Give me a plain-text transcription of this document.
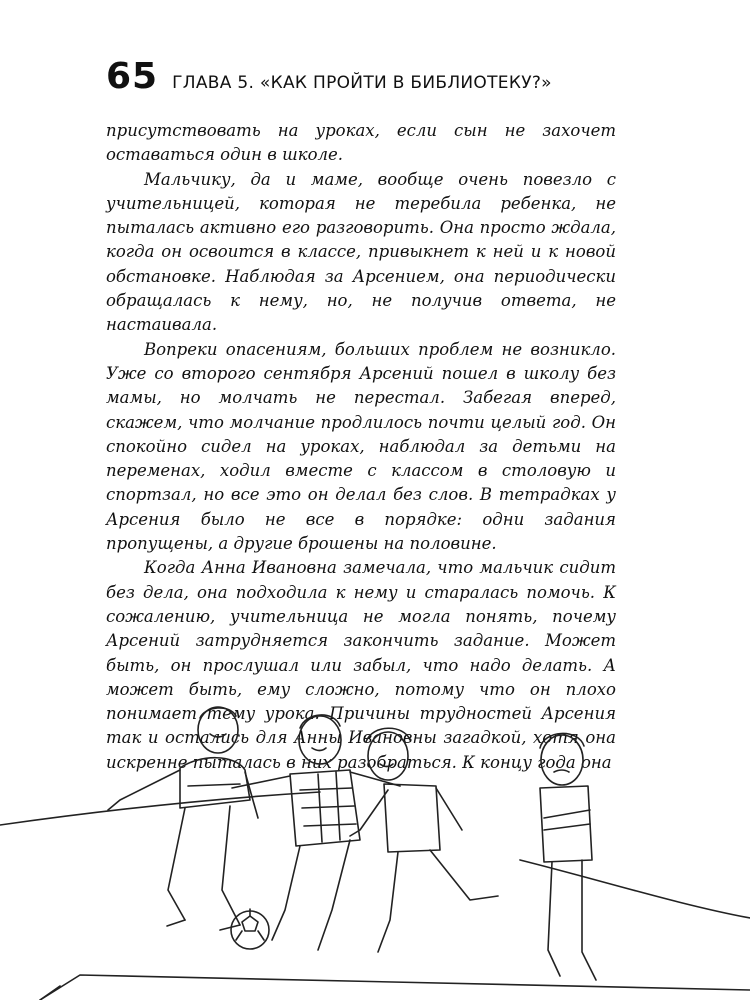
65 ГЛАВА 5. «КАК ПРОЙТИ В БИБЛИОТЕКУ?»

присутствовать на уроках, если сын не захочет оставаться один в школе.

Мальчику, да и маме, вообще очень повезло с учительницей, которая не теребила ребенка, не пыталась активно его разговорить. Она просто ждала, когда он освоится в классе, привыкнет к ней и к новой обстановке. Наблюдая за Арсением, она периодически обращалась к нему, но, не получив ответа, не настаивала.

Вопреки опасениям, больших проблем не возникло. Уже со второго сентября Арсений пошел в школу без мамы, но молчать не перестал. Забегая вперед, скажем, что молчание продлилось почти целый год. Он спокойно сидел на уроках, наблюдал за детьми на переменах, ходил вместе с классом в столовую и спортзал, но все это он делал без слов. В тетрадках у Арсения было не все в порядке: одни задания пропущены, а другие брошены на половине.

Когда Анна Ивановна замечала, что мальчик сидит без дела, она подходила к нему и старалась помочь. К сожалению, учительница не могла понять, почему Арсений затрудняется закончить задание. Может быть, он прослушал или забыл, что надо делать. А может быть, ему сложно, потому что он плохо понимает тему урока. Причины трудностей Арсения так и остались для Анны Ивановны загадкой, хотя она искренне пыталась в них разобраться. К концу года она
